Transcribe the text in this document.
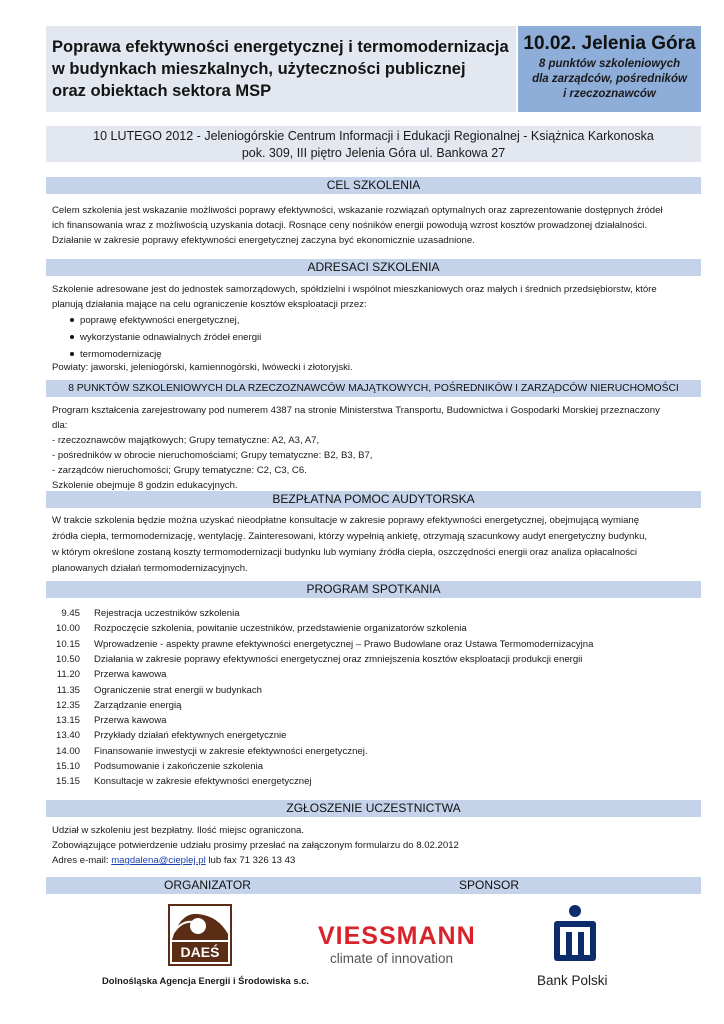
Poprawa efektywności energetycznej i termomodernizacja
w budynkach mieszkalnych, użyteczności publicznej
oraz obiektach sektora MSP
10.02. Jelenia Góra
8 punktów szkoleniowych
dla zarządców, pośredników
i rzeczoznawców
10 LUTEGO 2012 - Jeleniogórskie Centrum Informacji i Edukacji Regionalnej - Książnica Karkonoska
pok. 309, III piętro Jelenia Góra ul. Bankowa 27
CEL SZKOLENIA
Celem szkolenia jest wskazanie możliwości poprawy efektywności, wskazanie rozwiązań optymalnych oraz zaprezentowanie dostępnych źródeł
ich finansowania wraz z możliwością uzyskania dotacji. Rosnące ceny nośników energii powodują wzrost kosztów prowadzonej działalności.
Działanie w zakresie poprawy efektywności energetycznej zaczyna być ekonomicznie uzasadnione.
ADRESACI SZKOLENIA
Szkolenie adresowane jest do jednostek samorządowych, spółdzielni i wspólnot mieszkaniowych oraz małych i średnich przedsiębiorstw, które
planują działania mające na celu ograniczenie kosztów eksploatacji przez:
poprawę efektywności energetycznej,
wykorzystanie odnawialnych źródeł energii
termomodernizację
Powiaty: jaworski, jeleniogórski, kamiennogórski, lwówecki i złotoryjski.
8 PUNKTÓW SZKOLENIOWYCH DLA RZECZOZNAWCÓW MAJĄTKOWYCH, POŚREDNIKÓW I ZARZĄDCÓW NIERUCHOMOŚCI
Program kształcenia zarejestrowany pod numerem 4387 na stronie Ministerstwa Transportu, Budownictwa i Gospodarki Morskiej przeznaczony
dla:
- rzeczoznawców majątkowych; Grupy tematyczne: A2, A3, A7,
- pośredników w obrocie nieruchomościami; Grupy tematyczne: B2, B3, B7,
- zarządców nieruchomości; Grupy tematyczne: C2, C3, C6.
Szkolenie obejmuje 8 godzin edukacyjnych.
BEZPŁATNA POMOC AUDYTORSKA
W trakcie szkolenia będzie można uzyskać nieodpłatne konsultacje w zakresie poprawy efektywności energetycznej, obejmującą wymianę
źródła ciepła, termomodernizację, wentylację. Zainteresowani, którzy wypełnią ankietę, otrzymają szacunkowy audyt energetyczny budynku,
w którym określone zostaną koszty termomodernizacji budynku lub wymiany źródła ciepła, oszczędności energii oraz analiza opłacalności
planowanych działań termomodernizacyjnych.
PROGRAM SPOTKANIA
9.45 Rejestracja uczestników szkolenia
10.00 Rozpoczęcie szkolenia, powitanie uczestników, przedstawienie organizatorów szkolenia
10.15 Wprowadzenie - aspekty prawne efektywności energetycznej – Prawo Budowlane oraz Ustawa Termomodernizacyjna
10.50 Działania w zakresie poprawy efektywności energetycznej oraz zmniejszenia kosztów eksploatacji produkcji energii
11.20 Przerwa kawowa
11.35 Ograniczenie strat energii w budynkach
12.35 Zarządzanie energią
13.15 Przerwa kawowa
13.40 Przykłady działań efektywnych energetycznie
14.00 Finansowanie inwestycji w zakresie efektywności energetycznej.
15.10 Podsumowanie i zakończenie szkolenia
15.15 Konsultacje w zakresie efektywności energetycznej
ZGŁOSZENIE UCZESTNICTWA
Udział w szkoleniu jest bezpłatny. Ilość miejsc ograniczona.
Zobowiązujące potwierdzenie udziału prosimy przesłać na załączonym formularzu do 8.02.2012
Adres e-mail: magdalena@cieplej.pl lub fax 71 326 13 43
ORGANIZATOR	SPONSOR
DAEŚ
Dolnośląska Agencja Energii i Środowiska s.c.
VIESSMANN
climate of innovation
Bank Polski
